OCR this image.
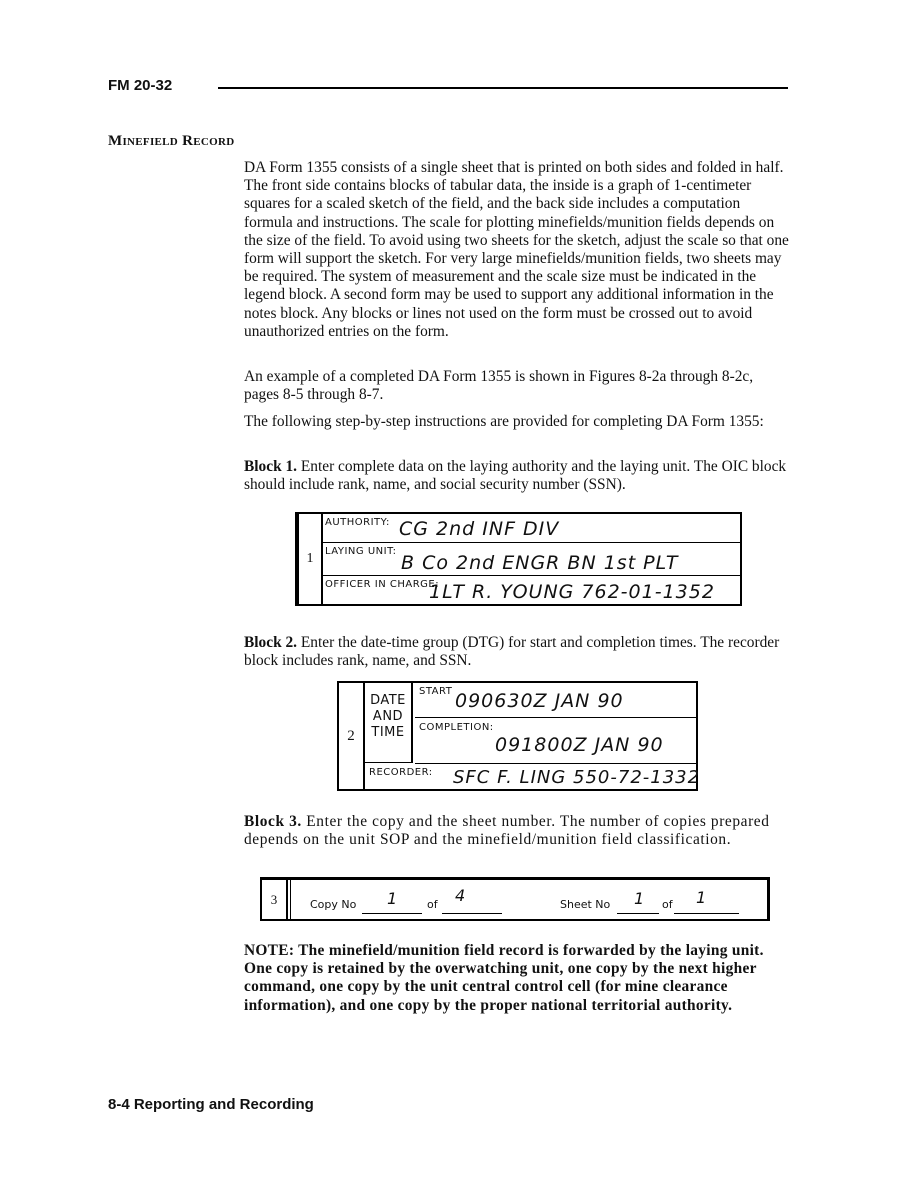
FM 20-32
Minefield Record

DA Form 1355 consists of a single sheet that is printed on both sides and folded in half. The front side contains blocks of tabular data, the inside is a graph of 1-centimeter squares for a scaled sketch of the field, and the back side includes a computation formula and instructions. The scale for plotting minefields/munition fields depends on the size of the field. To avoid using two sheets for the sketch, adjust the scale so that one form will support the sketch. For very large minefields/munition fields, two sheets may be required. The system of measurement and the scale size must be indicated in the legend block. A second form may be used to support any additional information in the notes block. Any blocks or lines not used on the form must be crossed out to avoid unauthorized entries on the form.

An example of a completed DA Form 1355 is shown in Figures 8-2a through 8-2c, pages 8-5 through 8-7.

The following step-by-step instructions are provided for completing DA Form 1355:

Block 1. Enter complete data on the laying authority and the laying unit. The OIC block should include rank, name, and social security number (SSN).

1
AUTHORITY: CG 2nd INF DIV
LAYING UNIT:
B Co 2nd ENGR BN 1st PLT
OFFICER IN CHARGE:
1LT R. YOUNG 762-01-1352

Block 2. Enter the date-time group (DTG) for start and completion times. The recorder block includes rank, name, and SSN.

2
DATE
AND
TIME
START 090630Z JAN 90
COMPLETION:
091800Z JAN 90
RECORDER: SFC F. LING 550-72-1332

Block 3. Enter the copy and the sheet number. The number of copies prepared depends on the unit SOP and the minefield/munition field classification.

3	Copy No 1	of 4	Sheet No 1 of 1

NOTE: The minefield/munition field record is forwarded by the laying unit. One copy is retained by the overwatching unit, one copy by the next higher command, one copy by the unit central control cell (for mine clearance information), and one copy by the proper national territorial authority.

8-4 Reporting and Recording
